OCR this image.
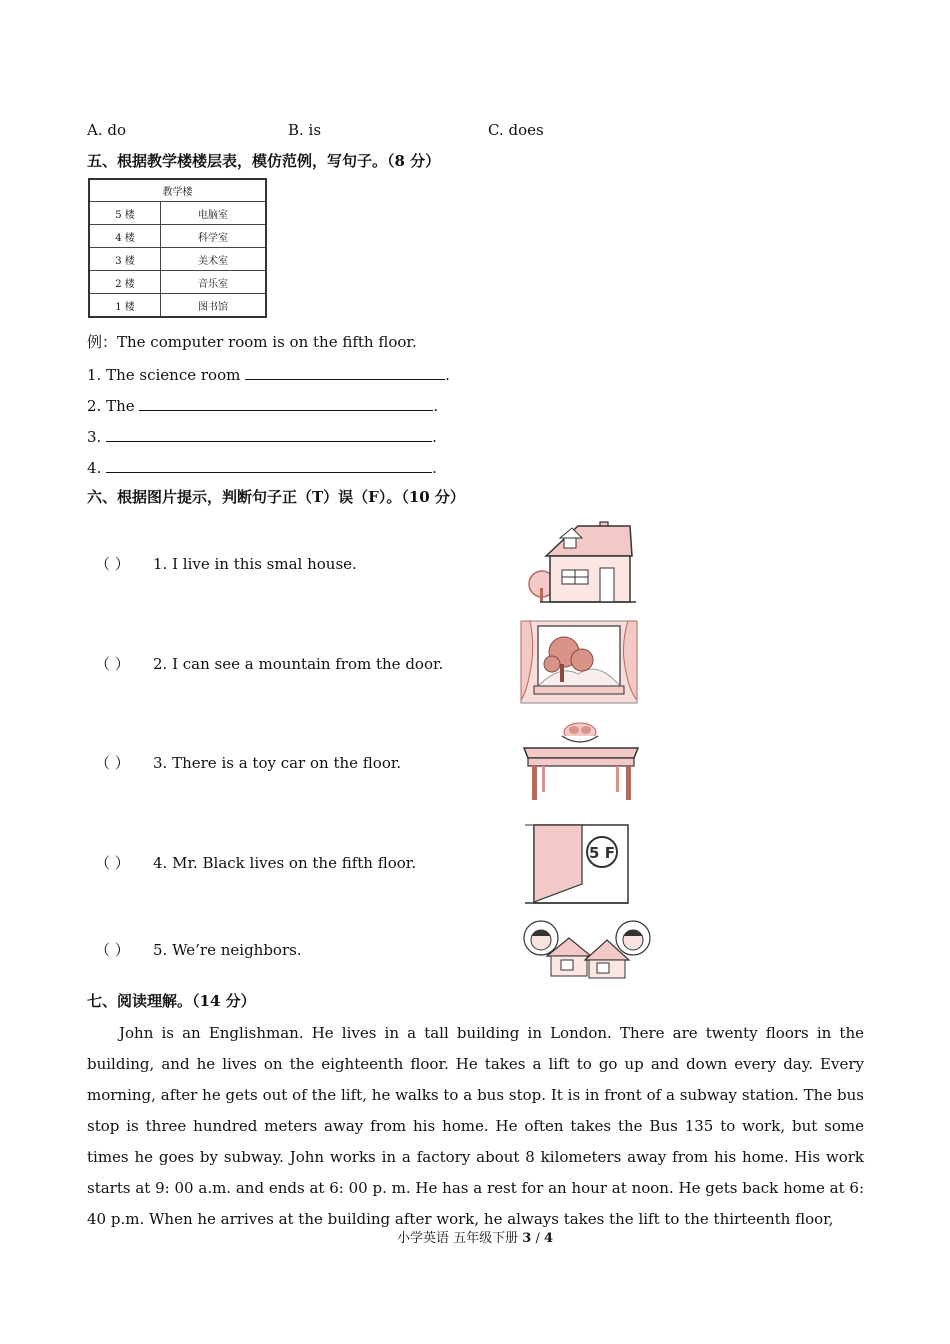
A. do	B. is	C. does
五、根据教学楼楼层表，模仿范例，写句子。（8 分）
教学楼	
5 楼	电脑室
4 楼	科学室
3 楼	美术室
2 楼	音乐室
1 楼	图书馆
例：The computer room is on the fifth floor.
1. The science room	.
2. The	.
3.	.
4.	.
六、根据图片提示，判断句子正（T）误（F）。（10 分）
（ ） 1. I live in this smal house.
（ ） 2. I can see a mountain from the door.
（ ） 3. There is a toy car on the floor.
（ ） 4. Mr. Black lives on the fifth floor.
（ ） 5. We’re neighbors.
5 F
七、阅读理解。（14 分）
John is an Englishman. He lives in a tall building in London. There are twenty floors in the building, and he lives on the eighteenth floor. He takes a lift to go up and down every day. Every morning, after he gets out of the lift, he walks to a bus stop. It is in front of a subway station. The bus stop is three hundred meters away from his home. He often takes the Bus 135 to work, but some times he goes by subway. John works in a factory about 8 kilometers away from his home. His work starts at 9: 00 a.m. and ends at 6: 00 p. m. He has a rest for an hour at noon. He gets back home at 6: 40 p.m. When he arrives at the building after work, he always takes the lift to the thirteenth floor,
小学英语 五年级下册 3 / 4
